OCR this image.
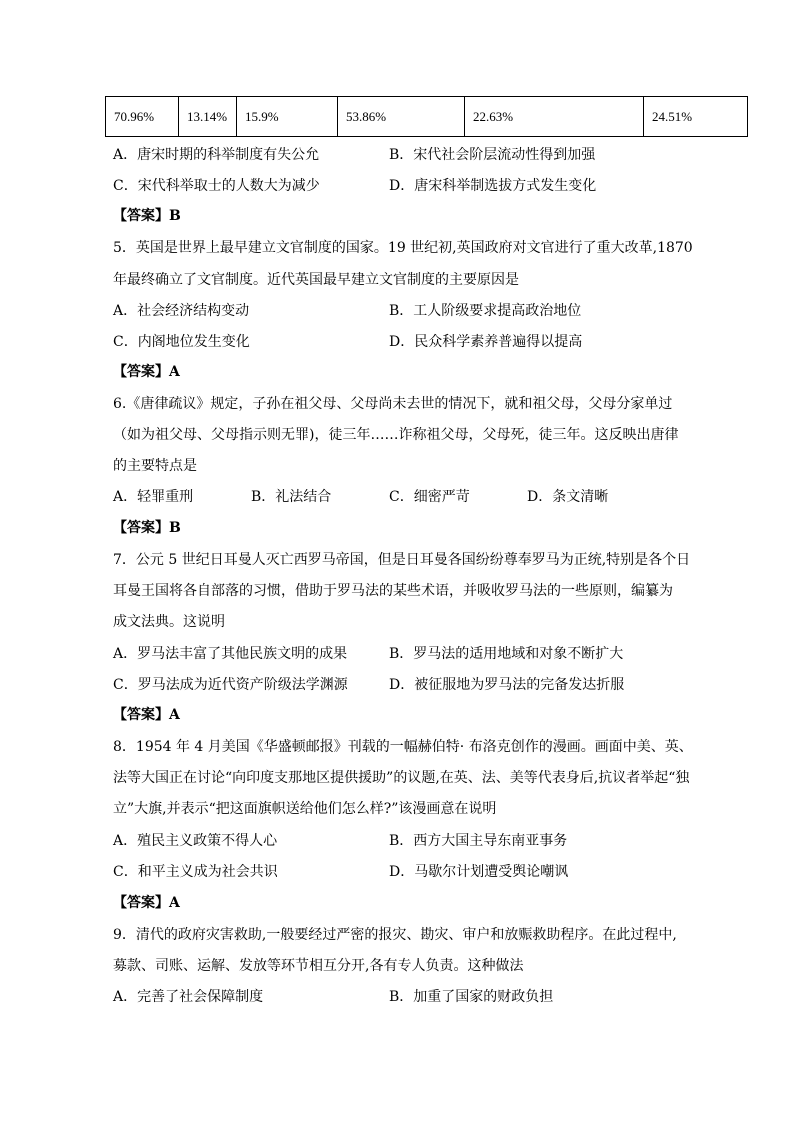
70.96%	13.14%	15.9%	53.86%	22.63%	24.51%
A．唐宋时期的科举制度有失公允	B．宋代社会阶层流动性得到加强
C．宋代科举取士的人数大为减少	D．唐宋科举制选拔方式发生变化
【答案】B
5．英国是世界上最早建立文官制度的国家。19 世纪初,英国政府对文官进行了重大改革,1870
年最终确立了文官制度。近代英国最早建立文官制度的主要原因是
A．社会经济结构变动	B．工人阶级要求提高政治地位
C．内阁地位发生变化	D．民众科学素养普遍得以提高
【答案】A
6.《唐律疏议》规定，子孙在祖父母、父母尚未去世的情况下，就和祖父母，父母分家单过
（如为祖父母、父母指示则无罪)，徒三年……诈称祖父母，父母死，徒三年。这反映出唐律
的主要特点是
A．轻罪重刑	B．礼法结合	C．细密严苛	D．条文清晰
【答案】B
7．公元 5 世纪日耳曼人灭亡西罗马帝国，但是日耳曼各国纷纷尊奉罗马为正统,特别是各个日
耳曼王国将各自部落的习惯，借助于罗马法的某些术语，并吸收罗马法的一些原则，编纂为
成文法典。这说明
A．罗马法丰富了其他民族文明的成果	B．罗马法的适用地域和对象不断扩大
C．罗马法成为近代资产阶级法学渊源	D．被征服地为罗马法的完备发达折服
【答案】A
8．1954 年 4 月美国《华盛顿邮报》刊载的一幅赫伯特· 布洛克创作的漫画。画面中美、英、
法等大国正在讨论“向印度支那地区提供援助”的议题,在英、法、美等代表身后,抗议者举起“独
立”大旗,并表示“把这面旗帜送给他们怎么样?”该漫画意在说明
A．殖民主义政策不得人心	B．西方大国主导东南亚事务
C．和平主义成为社会共识	D．马歇尔计划遭受舆论嘲讽
【答案】A
9．清代的政府灾害救助,一般要经过严密的报灾、勘灾、审户和放赈救助程序。在此过程中,
募款、司账、运解、发放等环节相互分开,各有专人负责。这种做法
A．完善了社会保障制度	B．加重了国家的财政负担
